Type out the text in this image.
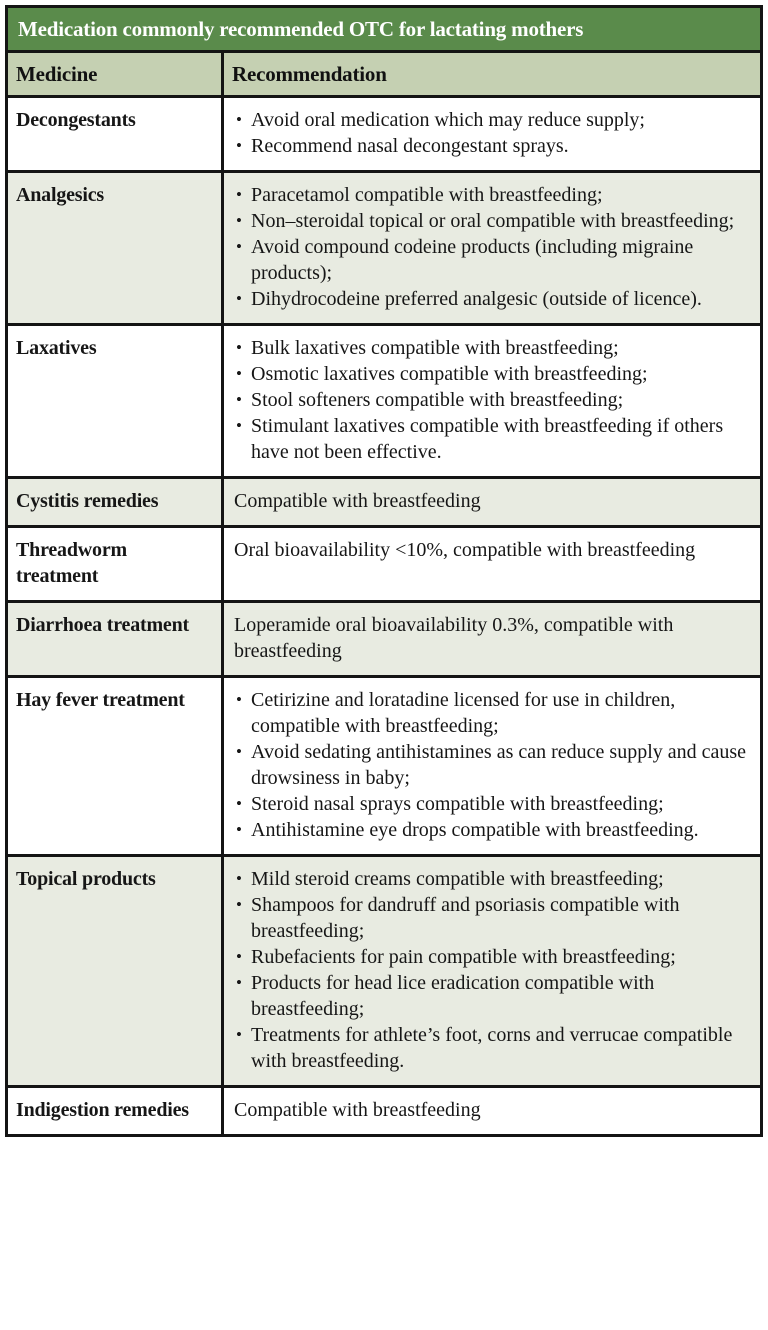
Medication commonly recommended OTC for lactating mothers	
Medicine	Recommendation
Decongestants	
•Avoid oral medication which may reduce supply;
• Recommend nasal decongestant sprays.

Analgesics	
•Paracetamol compatible with breastfeeding;
• Non–steroidal topical or oral compatible with breastfeeding;
• Avoid compound codeine products (including migraine products);
• Dihydrocodeine preferred analgesic (outside of licence).

Laxatives	
•Bulk laxatives compatible with breastfeeding;
• Osmotic laxatives compatible with breastfeeding;
• Stool softeners compatible with breastfeeding;
• Stimulant laxatives compatible with breastfeeding if others have not been effective.

Cystitis remedies	Compatible with breastfeeding

Threadworm treatment	Oral bioavailability <10%, compatible with breastfeeding

Diarrhoea treatment	Loperamide oral bioavailability 0.3%, compatible with breastfeeding

Hay fever treatment	
•Cetirizine and loratadine licensed for use in children, compatible with breastfeeding;
• Avoid sedating antihistamines as can reduce supply and cause drowsiness in baby;
• Steroid nasal sprays compatible with breastfeeding;
• Antihistamine eye drops compatible with breastfeeding.

Topical products	
•Mild steroid creams compatible with breastfeeding;
• Shampoos for dandruff and psoriasis compatible with breastfeeding;
• Rubefacients for pain compatible with breastfeeding;
• Products for head lice eradication compatible with breastfeeding;
• Treatments for athlete’s foot, corns and verrucae compatible with breastfeeding.

Indigestion remedies	Compatible with breastfeeding
